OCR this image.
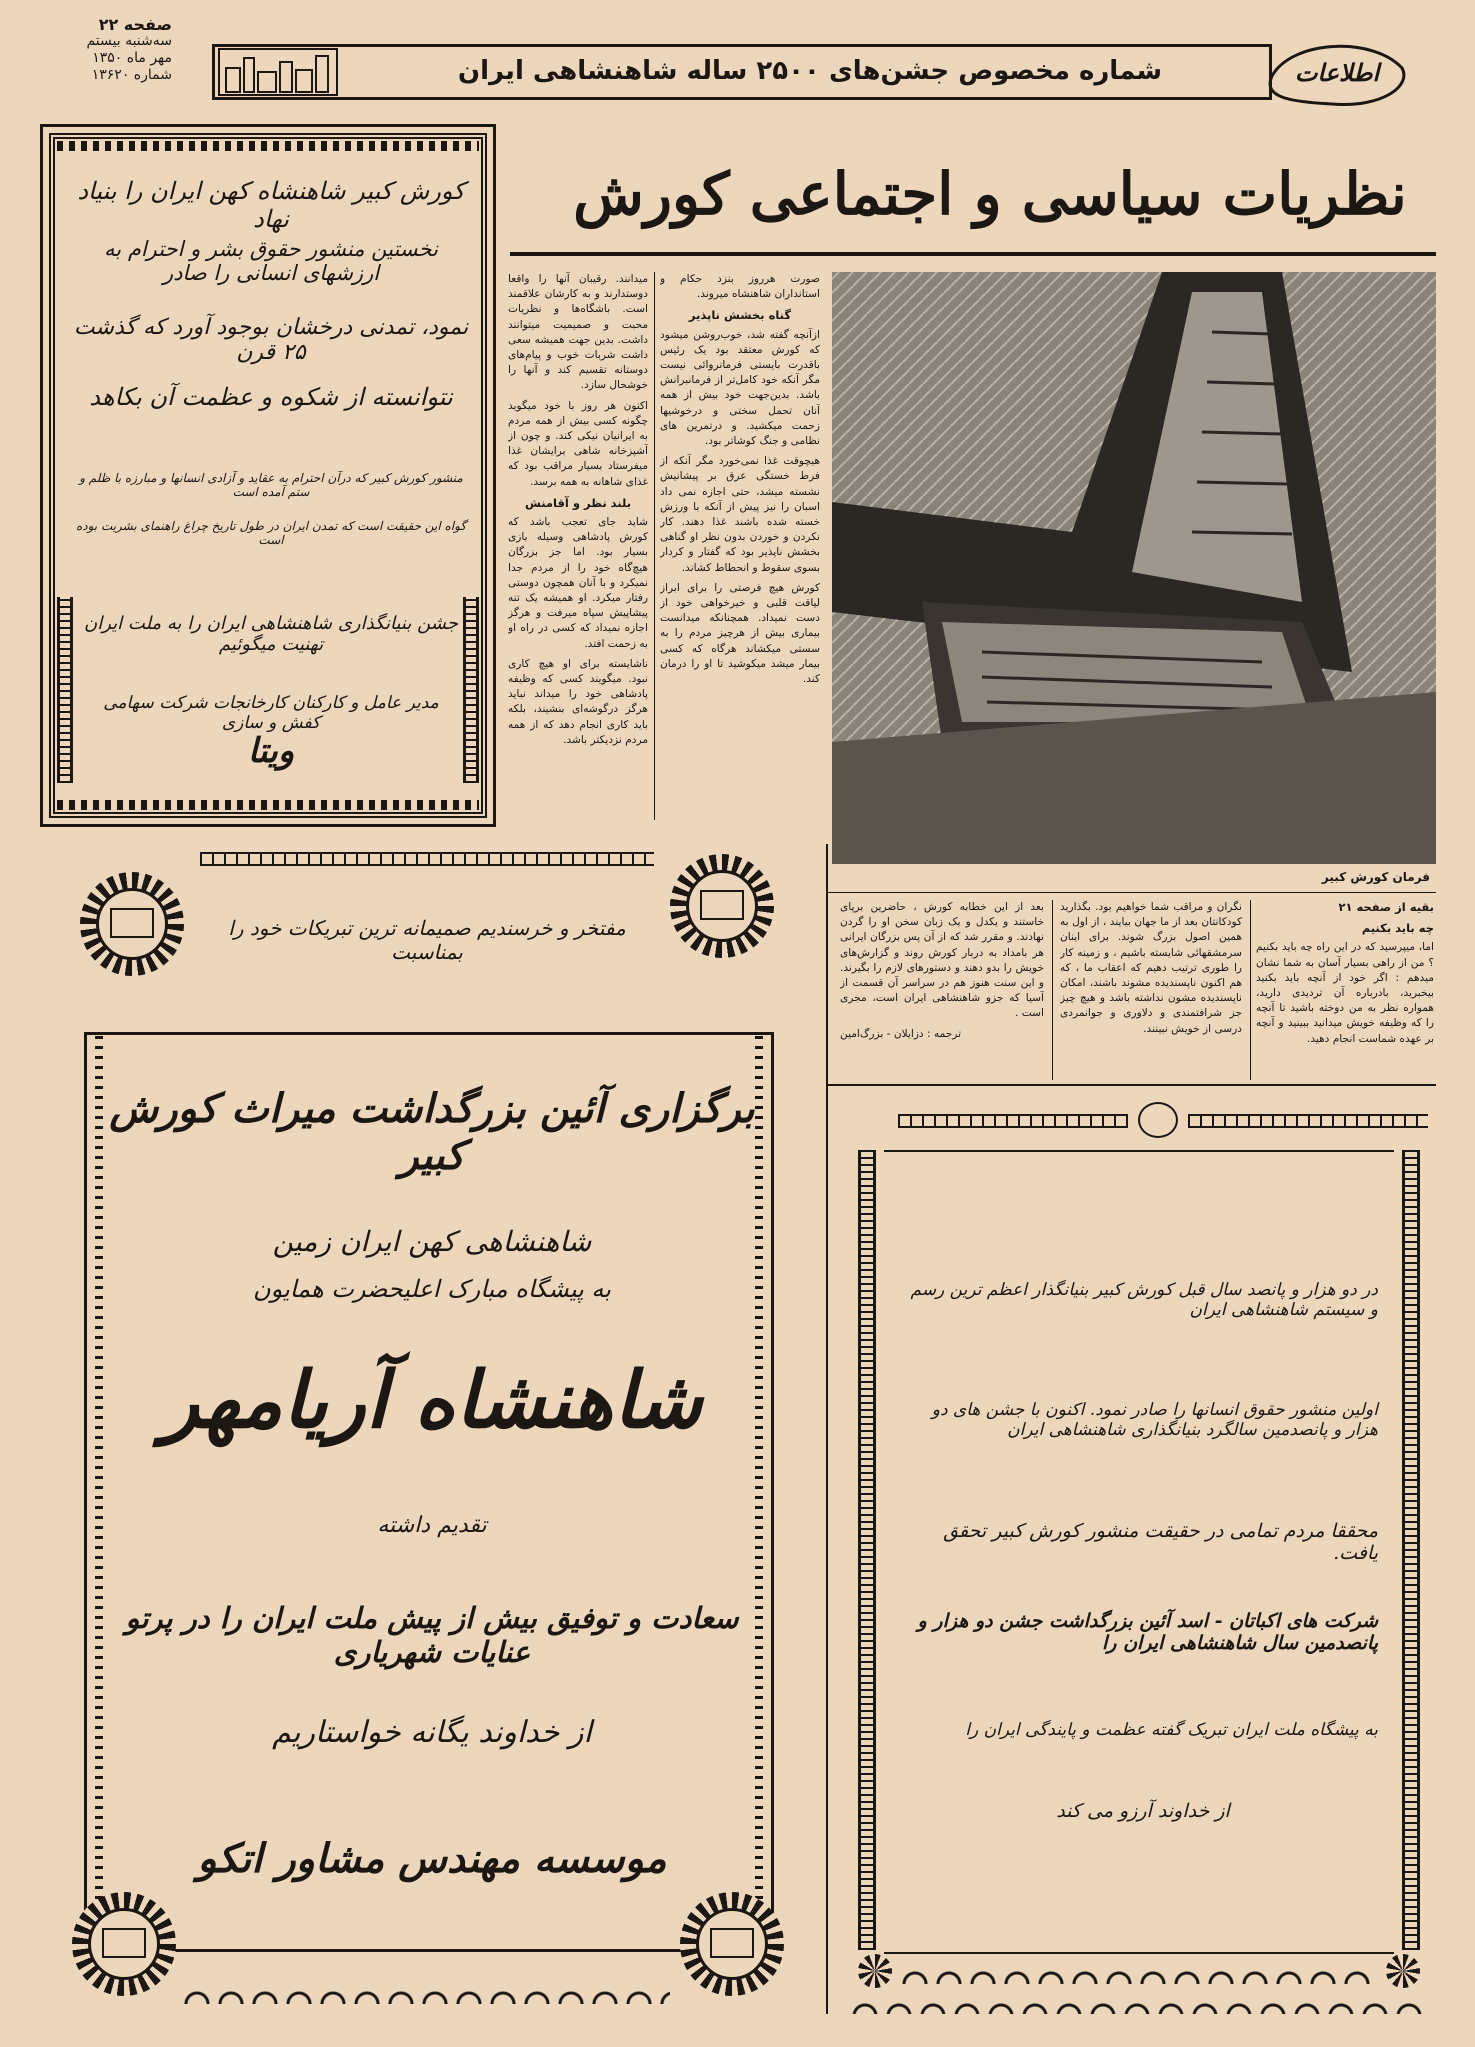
صفحه ۲۲
سه‌شنبه بیستم
مهر ماه ۱۳۵۰
شماره ۱۳۶۲۰	شماره مخصوص جشن‌های ۲۵۰۰ ساله شاهنشاهی ایران	اطلاعات
کورش کبیر شاهنشاه کهن ایران را بنیاد نهاد
نخستین منشور حقوق بشر و احترام به ارزشهای انسانی را صادر
نمود، تمدنی درخشان بوجود آورد که گذشت ۲۵ قرن
نتوانسته از شکوه و عظمت آن بکاهد
منشور کورش کبیر که درآن احترام به عقاید و آزادی انسانها و مبارزه با ظلم و ستم آمده است
گواه این حقیقت است که تمدن ایران در طول تاریخ چراغ راهنمای بشریت بوده است
جشن بنیانگذاری شاهنشاهی ایران را به ملت ایران تهنیت میگوئیم
مدیر عامل و کارکنان کارخانجات شرکت سهامی کفش و سازی
ویتا
نظریات سیاسی و اجتماعی کورش

صورت هرروز بنزد حکام و استانداران شاهنشاه میروند.

گناه بخشش ناپذیر

ازآنچه گفته شد، خوب‌روشن میشود که کورش معتقد بود یک رئیس باقدرت بایستی فرمانروائی نیست مگر آنکه خود کامل‌تر از فرمانبرانش باشد. بدین‌جهت خود بیش از همه آنان تحمل سختی و درخوشیها زحمت میکشید. و درتمرین های نظامی و جنگ کوشاتر بود.

هیچوقت غذا نمی‌خورد مگر آنکه از فرط خستگی عرق بر پیشانیش نشسته میشد، حتی اجازه نمی داد اسبان را نیز پیش از آنکه با ورزش خسته شده باشند غذا دهند. کار نکردن و خوردن بدون نظر او گناهی بخشش ناپذیر بود که گفتار و کردار بسوی سقوط و انحطاط کشاند.

کورش هیچ فرصتی را برای ابراز لیاقت قلبی و خیرخواهی خود از دست نمیداد. همچنانکه میدانست بیماری بیش از هرچیز مردم را به سستی میکشاند هرگاه که کسی بیمار میشد میکوشید تا او را درمان کند.

میدانند. رقیبان آنها را واقعا دوستدارند و به کارشان علاقمند است. باشگاه‌ها و نظریات محبت و صمیمیت میتوانند داشت. بدین جهت همیشه سعی داشت شربات خوب و پیام‌های دوستانه تقسیم کند و آنها را خوشحال سازد.

اکنون هر روز با خود میگوید چگونه کسی بیش از همه مردم به ایرانیان نیکی کند. و چون از آشپزخانه شاهی برایشان غذا میفرستاد بسیار مراقب بود که غذای شاهانه به همه برسد.

بلند نظر و آقامنش

شاید جای تعجب باشد که کورش پادشاهی وسیله بازی بسیار بود. اما جز بزرگان هیچ‌گاه خود را از مردم جدا نمیکرد و با آنان همچون دوستی رفتار میکرد. او همیشه یک تنه پیشاپیش سپاه میرفت و هرگز اجازه نمیداد که کسی در راه او به زحمت افتد.

ناشایسته برای او هیچ کاری نبود. میگویند کسی که وظیفه پادشاهی خود را میداند نباید هرگز درگوشه‌ای بنشیند، بلکه باید کاری انجام دهد که از همه مردم نزدیکتر باشد.

فرمان کورش کبیر
بقیه از صفحه ۲۱
چه باید بکنیم

اما، میپرسید که در این راه چه باید بکنیم ؟ من از راهی بسیار آسان به شما نشان میدهم : اگر خود از آنچه باید بکنید بیخبرید، بادرباره آن تردیدی دارید، همواره نظر به من دوخته باشید تا آنچه را که وظیفه خویش میدانید ببینید و آنچه بر عهده شماست انجام دهید.

نگران و مراقب شما خواهیم بود. بگذارید کودکانتان بعد از ما جهان بیایند ، از اول به همین اصول بزرگ شوند. برای اینان سرمشقهائی شایسته باشیم ، و زمینه کار را طوری ترتیب دهیم که اعقاب ما ، که هم اکنون ناپسندیده مشوند باشند، امکان ناپسندیده مشون نداشته باشد و هیچ چیز جز شرافتمندی و دلاوری و جوانمردی درسی از خویش نبینند.

بعد از این خطابه کورش ، حاضرین برپای خاستند و یکدل و یک زبان سخن او را گردن نهادند. و مقرر شد که از آن پس بزرگان ایرانی هر بامداد به دربار کورش روند و گزارش‌های خویش را بدو دهند و دستورهای لازم را بگیرند. و این سنت هنوز هم در سراسر آن قسمت از آسیا که جزو شاهنشاهی ایران است، مجری است .

ترجمه : دزایلان - بزرگ‌امین

مفتخر و خرسندیم صمیمانه ترین تبریکات خود را بمناسبت
برگزاری آئین بزرگداشت میراث کورش کبیر
شاهنشاهی کهن ایران زمین
به پیشگاه مبارک اعلیحضرت همایون
شاهنشاه آریامهر
تقدیم داشته
سعادت و توفیق بیش از پیش ملت ایران را در پرتو عنایات شهریاری
از خداوند یگانه خواستاریم
موسسه مهندس مشاور اتکو
در دو هزار و پانصد سال قبل کورش کبیر بنیانگذار اعظم ترین رسم و سیستم شاهنشاهی ایران
اولین منشور حقوق انسانها را صادر نمود. اکنون با جشن های دو هزار و پانصدمین سالگرد بنیانگذاری شاهنشاهی ایران
محققا مردم تمامی در حقیقت منشور کورش کبیر تحقق یافت.
شرکت های اکباتان - اسد آئین بزرگداشت جشن دو هزار و پانصدمین سال شاهنشاهی ایران را
به پیشگاه ملت ایران تبریک گفته عظمت و پایندگی ایران را
از خداوند آرزو می کند
